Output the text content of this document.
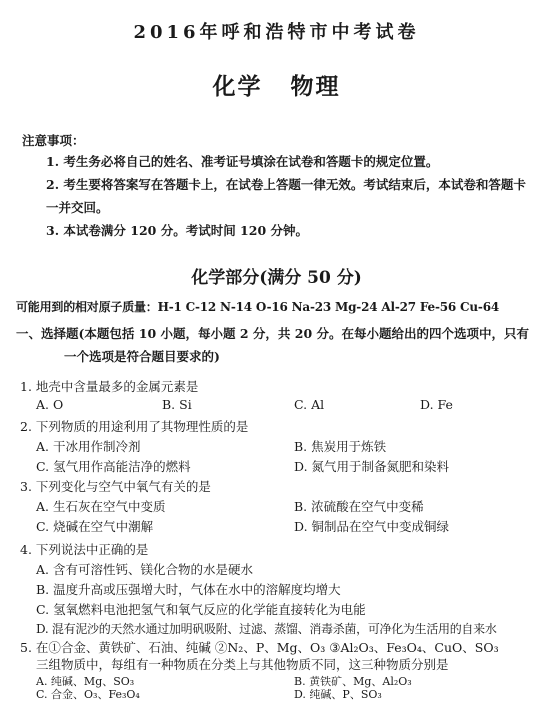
2016年呼和浩特市中考试卷
化学 物理
注意事项：
1. 考生务必将自己的姓名、准考证号填涂在试卷和答题卡的规定位置。
2. 考生要将答案写在答题卡上，在试卷上答题一律无效。考试结束后，本试卷和答题卡一并交回。
3. 本试卷满分 120 分。考试时间 120 分钟。
化学部分(满分 50 分)
可能用到的相对原子质量：H-1 C-12 N-14 O-16 Na-23 Mg-24 Al-27 Fe-56 Cu-64
一、选择题(本题包括 10 小题，每小题 2 分，共 20 分。在每小题给出的四个选项中，只有
一个选项是符合题目要求的)
1. 地壳中含量最多的金属元素是
A. O	B. Si	C. Al	D. Fe
2. 下列物质的用途利用了其物理性质的是
A. 干冰用作制冷剂	B. 焦炭用于炼铁
C. 氢气用作高能洁净的燃料	D. 氮气用于制备氮肥和染料
3. 下列变化与空气中氧气有关的是
A. 生石灰在空气中变质	B. 浓硫酸在空气中变稀
C. 烧碱在空气中潮解	D. 铜制品在空气中变成铜绿
4. 下列说法中正确的是
A. 含有可溶性钙、镁化合物的水是硬水
B. 温度升高或压强增大时，气体在水中的溶解度均增大
C. 氢氧燃料电池把氢气和氧气反应的化学能直接转化为电能
D. 混有泥沙的天然水通过加明矾吸附、过滤、蒸馏、消毒杀菌，可净化为生活用的自来水
5. 在①合金、黄铁矿、石油、纯碱 ②N₂、P、Mg、O₃ ③Al₂O₃、Fe₃O₄、CuO、SO₃
三组物质中，每组有一种物质在分类上与其他物质不同，这三种物质分别是
A. 纯碱、Mg、SO₃	B. 黄铁矿、Mg、Al₂O₃
C. 合金、O₃、Fe₃O₄	D. 纯碱、P、SO₃
